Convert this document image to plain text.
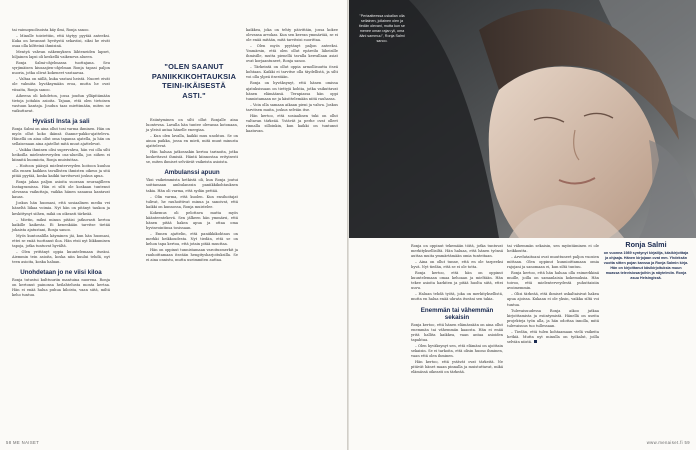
tai vaimopuolisoista käy ilmi, Ronja sanoo.

– Minulle toistettiin, että täytyy pyytää anteeksi. Kuka on luvannut hyvitystä sekaviisi, siksi he eivät osaa olla kiltteinä ihmisinä.

Mentyä vahvan näkemyksen lähteneiden lapset, hiljainen lapsi oli keskellä vaikeneva alueen.

Ronja Salmi-ohjelmassa tuottajana. Seu syrjimäisen kiusaajien-ohjelman Ronja tapasi paljon nuoria, jotka olivat kokeneet vastaavaa.

– Valtaa on niillä, kuka vastasi heistä. Nuoret eivät ole valmiita hyväksymään eroa, mutta he ovat viisaita, Ronja sanoo.

Aiheena oli kohdeton, jossa joudun ylläpitämään tietoja joitakin asioita. Tajuan, että olen tietoisen vastuun kantaja. Joudun taas miettimään, miten ne vaikuttavat.

Hyvästi Insta ja sali

Ronja Salmi on aina ollut tosi varma ihminen. Hän on myös ollut koko ikänsä ihanne-pakko-ajatteleva. Hänellä on aina ollut oma tapansa ajatella, ja hän on sellaisenaan aina ajatellut mitä muut ajattelevat.

– Vaikka ihminen olisi supervahva, hän voi olla silti heikoilla mielenterveyden osa-alueilla, jos siihen ei kiinnitä huomiota, Ronja muistuttaa.

– Hoitoon pääsyä mielenterveyden hoitoon kuuluu olla ennen kaikkea tavallisten ihmisten oikeus ja sitä pitää pyytää, koska kaikki tarvitsevat joskus apua.

Ronja jakaa paljon asioita suoraan seuraajilleen Instagramissa. Hän ei silti ole koskaan tuntenut olevansa vaikuttaja, vaikka hänen sanansa kantavat kauas.

Joskus hän huomasi, että sosiaalinen media vei häneltä liikaa voimia. Nyt hän on pitänyt taukoa ja keskittynyt siihen, mikä on oikeasti tärkeää.

– Mietin, miksi minun pitäisi jatkuvasti kertoa kaikille kaikesta. Ei kenenkään tarvitse tietää jokaista ajatustani, Ronja sanoo.

Myös kuntosalilla käyminen jäi, kun hän huomasi, ettei se enää tuottanut iloa. Hän etsii nyt liikkumisen tapoja, jotka tuntuvat hyvältä.

– Olen yrittänyt oppia kuuntelemaan itseäni. Aiemmin tein asioita, koska niin kuului tehdä, nyt teen asioita, koska haluan.

Unohdetaan jo ne viisi kiloa

Ronja tutustui kulttuuriin mantuina nuorena. Ronja on kertonut painonsa heilahtelusta monta kertaa. Hän ei enää halua puhua kiloista, vaan siitä, miltä keho tuntuu.

"OLEN SAANUT
PANIIKKIKOHTAUKSIA
TEINI-IKÄISESTÄ
ASTI."

kaikkea, joka on tehty päivittäin, jossa kokee olevansa arvokas. Kun sen kerran ymmärtää, se ei ole enää mitään, mitä tarvitsisi suorittaa.

– Olen myös pyytänyt paljon anteeksi. Ymmärsin, että olen ollut epäreilu läheisille ihmisille, mutta pienellä tavalla kerrallaan asiat ovat korjaantuneet, Ronja sanoo.

– Tärkeintä on ollut oppia armollisuutta itseä kohtaan. Kaikki ei tarvitse olla täydellistä, ja silti voi olla ylpeä itsestään.

Ronja on hyväksynyt, että hänen omissa ajatuksissaan on tiettyjä kohtia, jotka vaikuttavat hänen elämäänsä. Terapiassa hän oppi tunnistamaan ne ja käsittelemään niitä rauhassa.

– Voin olla samaan aikaan pieni ja vahva. Joskus tarvitsen muita, joskus selviän itse.

Hän kertoo, että sosiaalinen tuki on ollut valtavan tärkeää. Ystävät ja perhe ovat olleet rinnalla silloinkin, kun kaikki on tuntunut kaatuvan.

Esiintyminen on silti ollut Ronjalle aina luontevaa. Lavalla hän tuntee olevansa kotonaan, ja yleisö antaa hänelle energiaa.

– Kun olen lavalla, kaikki muu unohtuu. Se on ainoa paikka, jossa en mieti, mitä muut minusta ajattelevat.

Hän haluaa jatkossakin kertoa tarinoita, jotka koskettavat ihmisiä. Häntä kiinnostaa erityisesti se, miten ihmiset selviävät vaikeista asioista.

Ambulanssi apuun

Yksi vaikeimmista hetkistä oli, kun Ronja joutui soittamaan ambulanssin paniikkikohtauksen takia. Hän oli varma, että sydän pettää.

– Olin varma, että kuolen. Kun ensihoitajat tulivat, he rauhoittivat minua ja sanoivat, että kaikki on kunnossa, Ronja muistelee.

Kokemus oli pelottava mutta myös käänteentekevä. Sen jälkeen hän ymmärsi, että hänen pitää hakea apua ja ottaa oma hyvinvointinsa tosissaan.

– Ennen ajattelin, että paniikkikohtaus on merkki heikkoudesta. Nyt tiedän, että se on kehon tapa kertoa, että jotain pitää muuttaa.

Hän on oppinut tunnistamaan varoitusmerkit ja rauhoittamaan itseään hengitysharjoituksilla. Se ei aina onnistu, mutta useimmiten auttaa.

58 ME NAISET
"Periaatteessa uskallan olla sellainen, jollainen olen ja tiedän olevani, mutta kun se menee oman rajan yli, oma ääni sammuu", Ronja Salmi sanoo.

Ronja on oppinut tekemään töitä, jotka tuntuvat merkityksellisiltä. Hän haluaa, että hänen työnsä auttaa muita ymmärtämään omia tunteitaan.

– Aina on ollut tunne, että en ole tarpeeksi hyvä. Nyt tiedän, että se ei ole totta.

Ronja kertoo, että hän on oppinut kuuntelemaan omaa kehoaan ja mieltään. Hän tekee asioita harkiten ja pitää huolta siitä, ettei uuvu.

– Haluan tehdä työtä, joka on merkityksellistä, mutta en halua enää uhrata itseäni sen takia.

Enemmän tai vähemmän sekaisin

Ronja kertoo, että hänen elämässään on aina ollut enemmän tai vähemmän kaaosta. Hän ei enää yritä hallita kaikkea, vaan antaa asioiden tapahtua.

– Olen hyväksynyt sen, että elämäni on ajoittain sekaisin. Se ei tarkoita, että olisin huono ihminen, vaan että olen ihminen.

Hän kertoo, että ystävät ovat tärkeitä. Ne pitävät hänet maan pinnalla ja muistuttavat, mikä elämässä oikeasti on tärkeää.

tai vähemmän sekaisin, sen myöntäminen ei ole heikkoutta.

– Arvelutaitoani ovat muuttuneet paljon vuosien mittaan. Olen oppinut kunnioittamaan omia rajojani ja sanomaan ei, kun siltä tuntuu.

Ronja kertoo, että hän haluaa olla esimerkkinä muille, joilla on samanlaisia kokemuksia. Hän toivoo, että mielenterveydestä puhuttaisiin avoimemmin.

– Olisi tärkeää, että ihmiset uskaltaisivat hakea apua ajoissa. Kukaan ei ole yksin, vaikka siltä voi tuntua.

Tulevaisuudessa Ronja aikoo jatkaa kirjoittamista ja esiintymistä. Hänellä on useita projekteja työn alla, ja hän odottaa innolla, mitä tulevaisuus tuo tullessaan.

– Tiedän, että tulen kohtaamaan vielä vaikeita hetkiä. Mutta nyt minulla on työkalut, joilla selviän niistä.

Ronja Salmi
on vuonna 1989 syntynyt kirjailija, käsikirjoittaja ja ohjaaja. Hänen kirjojaan ovat mm. Yhdeksän vuotta sitten pojan kanssa ja Ronja Salmin kirja. Hän on kirjoittanut käsikirjoituksia muun muassa televisiosarjoihin ja näytelmiin. Ronja asuu Helsingissä.
www.menaiset.fi 59
